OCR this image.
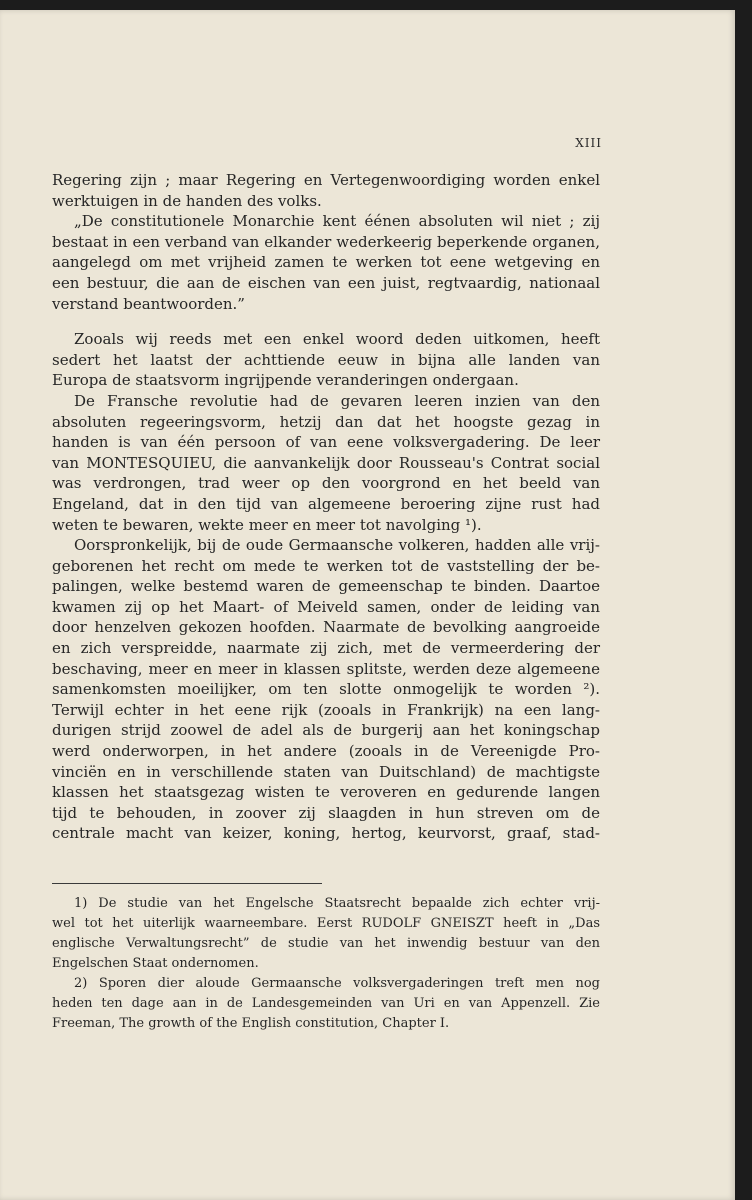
XIII
Regering zijn ; maar Regering en Vertegenwoordiging worden enkel
werktuigen in de handen des volks.
„De constitutionele Monarchie kent éénen absoluten wil niet ; zij
bestaat in een verband van elkander wederkeerig beperkende organen,
aangelegd om met vrijheid zamen te werken tot eene wetgeving en
een bestuur, die aan de eischen van een juist, regtvaardig, nationaal
verstand beantwoorden.”
Zooals wij reeds met een enkel woord deden uitkomen, heeft
sedert het laatst der achttiende eeuw in bijna alle landen van
Europa de staatsvorm ingrijpende veranderingen ondergaan.
De Fransche revolutie had de gevaren leeren inzien van den
absoluten regeeringsvorm, hetzij dan dat het hoogste gezag in
handen is van één persoon of van eene volksvergadering. De leer
van MONTESQUIEU, die aanvankelijk door Rousseau's Contrat social
was verdrongen, trad weer op den voorgrond en het beeld van
Engeland, dat in den tijd van algemeene beroering zijne rust had
weten te bewaren, wekte meer en meer tot navolging ¹).
Oorspronkelijk, bij de oude Germaansche volkeren, hadden alle vrij-
geborenen het recht om mede te werken tot de vaststelling der be-
palingen, welke bestemd waren de gemeenschap te binden. Daartoe
kwamen zij op het Maart- of Meiveld samen, onder de leiding van
door henzelven gekozen hoofden. Naarmate de bevolking aangroeide
en zich verspreidde, naarmate zij zich, met de vermeerdering der
beschaving, meer en meer in klassen splitste, werden deze algemeene
samenkomsten moeilijker, om ten slotte onmogelijk te worden ²).
Terwijl echter in het eene rijk (zooals in Frankrijk) na een lang-
durigen strijd zoowel de adel als de burgerij aan het koningschap
werd onderworpen, in het andere (zooals in de Vereenigde Pro-
vinciën en in verschillende staten van Duitschland) de machtigste
klassen het staatsgezag wisten te veroveren en gedurende langen
tijd te behouden, in zoover zij slaagden in hun streven om de
centrale macht van keizer, koning, hertog, keurvorst, graaf, stad-
1) De studie van het Engelsche Staatsrecht bepaalde zich echter vrij-
wel tot het uiterlijk waarneembare. Eerst RUDOLF GNEISZT heeft in „Das
englische Verwaltungsrecht” de studie van het inwendig bestuur van den
Engelschen Staat ondernomen.
2) Sporen dier aloude Germaansche volksvergaderingen treft men nog
heden ten dage aan in de Landesgemeinden van Uri en van Appenzell. Zie
Freeman, The growth of the English constitution, Chapter I.
